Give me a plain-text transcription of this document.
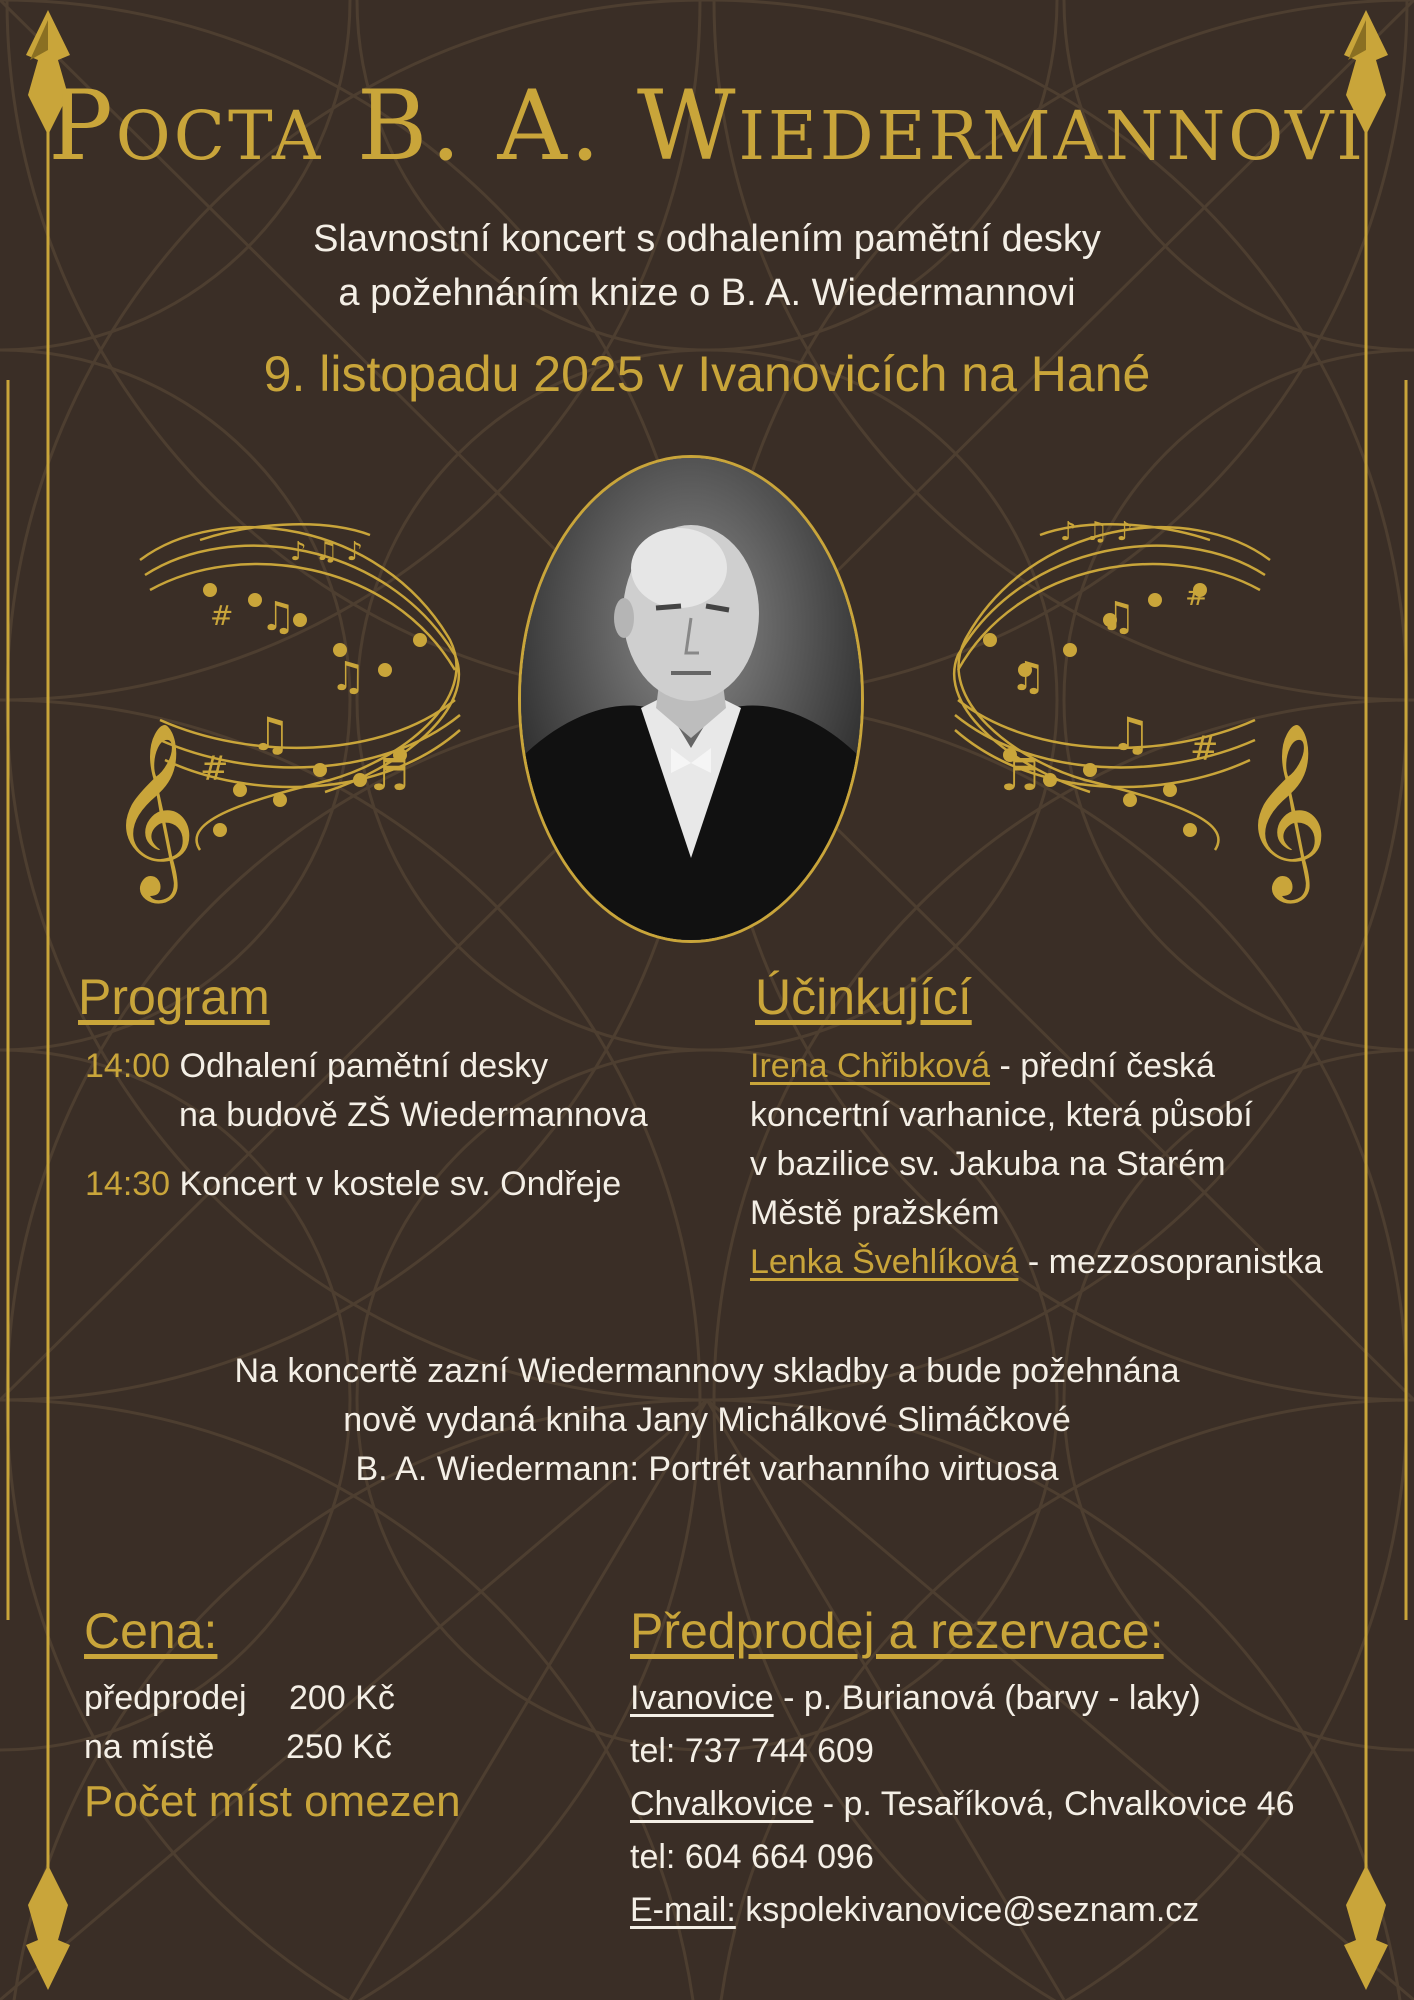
𝄞 #
# ♫
♫
♫
♬
♪ ♫ ♪
𝄞
#
#
♫
♫
♫
♬
♪ ♫ ♪
Pocta B. A. Wiedermannovi
Slavnostní koncert s odhalením pamětní desky
a požehnáním knize o B. A. Wiedermannovi
9. listopadu 2025 v Ivanovicích na Hané
Program
14:00 Odhalení pamětní desky
na budově ZŠ Wiedermannova
14:30 Koncert v kostele sv. Ondřeje
Účinkující
Irena Chřibková - přední česká
koncertní varhanice, která působí
v bazilice sv. Jakuba na Starém
Městě pražském
Lenka Švehlíková - mezzosopranistka
Na koncertě zazní Wiedermannovy skladby a bude požehnána
nově vydaná kniha Jany Michálkové Slimáčkové
B. A. Wiedermann: Portrét varhanního virtuosa
Cena:
předprodej 200 Kč
na místě 250 Kč
Počet míst omezen
Předprodej a rezervace:
Ivanovice - p. Burianová (barvy - laky)
tel: 737 744 609
Chvalkovice - p. Tesaříková, Chvalkovice 46
tel: 604 664 096
E-mail: kspolekivanovice@seznam.cz
